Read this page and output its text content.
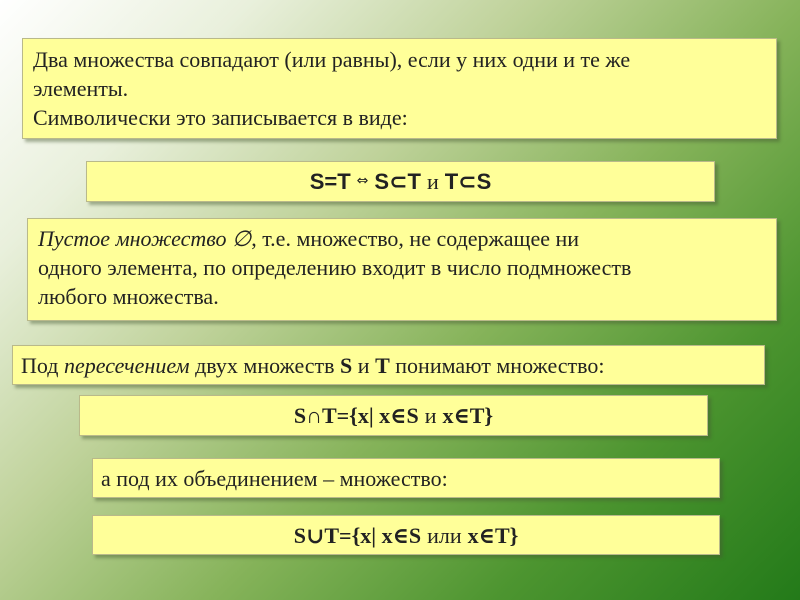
Два множества совпадают (или равны), если у них одни и те же
элементы.
Символически это записывается в виде:
S=T ⇔ S⊂T и T⊂S
Пустое множество ∅, т.е. множество, не содержащее ни
одного элемента, по определению входит в число подмножеств
любого множества.
Под пересечением двух множеств S и T понимают множество:
S∩T={x| x∈S и x∈T}
а под их объединением – множество:
S∪T={x| x∈S или x∈T}
